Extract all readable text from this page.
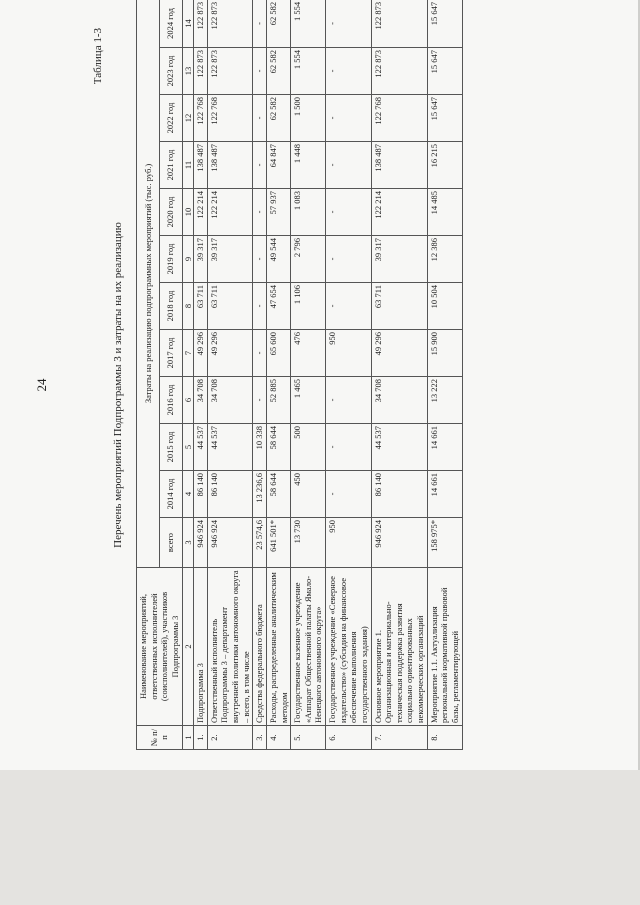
24
Таблица 1-3
Перечень мероприятий Подпрограммы 3 и затраты на их реализацию
№ п/п	Наименование мероприятий, ответственных исполнителей (соисполнителей), участников Подпрограммы 3	Затраты на реализацию подпрограммных мероприятий (тыс. руб.)											
		всего	2014 год	2015 год	2016 год	2017 год	2018 год	2019 год	2020 год	2021 год	2022 год	2023 год	2024 год
1	2	3	4	5	6	7	8	9	10	11	12	13	14
1.	Подпрограмма 3	946 924	86 140	44 537	34 708	49 296	63 711	39 317	122 214	138 487	122 768	122 873	122 873
2.	Ответственный исполнитель Подпрограммы 3 – департамент внутренней политики автономного округа – всего, в том числе	946 924	86 140	44 537	34 708	49 296	63 711	39 317	122 214	138 487	122 768	122 873	122 873
3.	Средства федерального бюджета	23 574,6	13 236,6	10 338	-	-	-	-	-	-	-	-	-
4.	Расходы, распределенные аналитическим методом	641 501*	58 644	58 644	52 885	65 600	47 654	49 544	57 937	64 847	62 582	62 582	62 582
5.	Государственное казенное учреждение «Аппарат Общественной палаты Ямало-Ненецкого автономного округа»	13 730	450	500	1 465	476	1 106	2 796	1 083	1 448	1 500	1 554	1 554
6.	Государственное учреждение «Северное издательство» (субсидия на финансовое обеспечение выполнения государственного задания)	950	-	-	-	950	-	-	-	-	-	-	-
7.	Основное мероприятие 1. Организационная и материально-техническая поддержка развития социально ориентированных некоммерческих организаций	946 924	86 140	44 537	34 708	49 296	63 711	39 317	122 214	138 487	122 768	122 873	122 873
8.	Мероприятие 1.1. Актуализация региональной нормативной правовой базы, регламентирующей	158 975*	14 661	14 661	13 222	15 900	10 504	12 386	14 485	16 215	15 647	15 647	15 647
